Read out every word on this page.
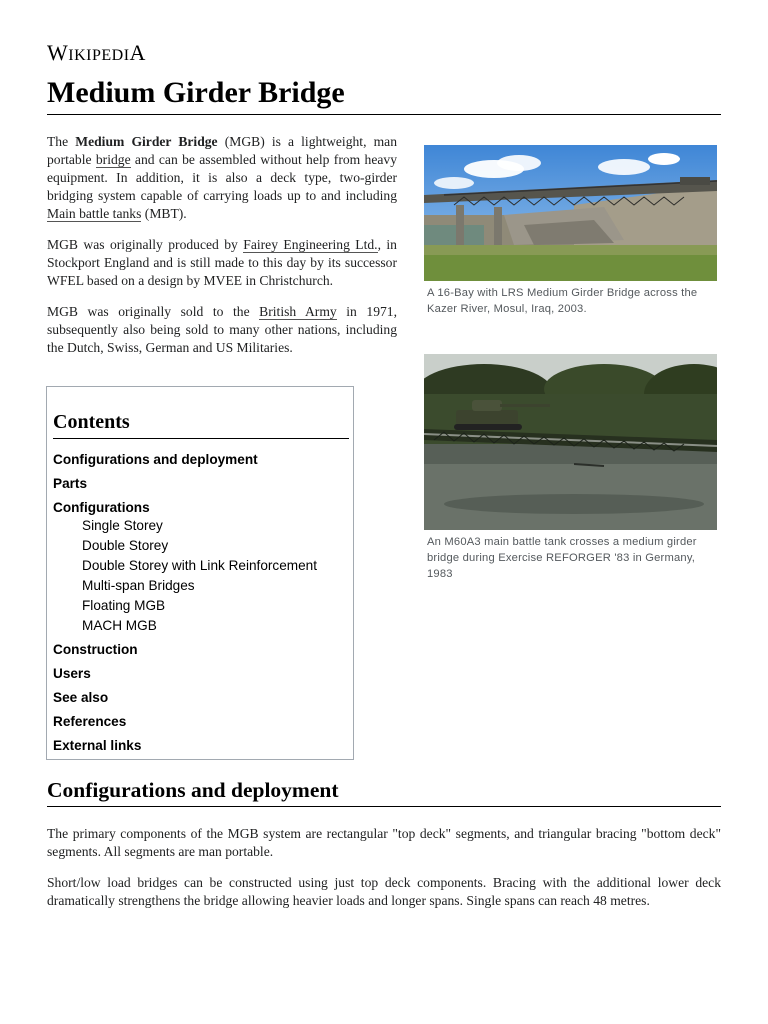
WIKIPEDIA
Medium Girder Bridge

The Medium Girder Bridge (MGB) is a lightweight, man portable bridge and can be assembled without help from heavy equipment. In addition, it is also a deck type, two-girder bridging system capable of carrying loads up to and including Main battle tanks (MBT).

MGB was originally produced by Fairey Engineering Ltd., in Stockport England and is still made to this day by its successor WFEL based on a design by MVEE in Christchurch.

MGB was originally sold to the British Army in 1971, subsequently also being sold to many other nations, including the Dutch, Swiss, German and US Militaries.

A 16-Bay with LRS Medium Girder Bridge across the Kazer River, Mosul, Iraq, 2003.
An M60A3 main battle tank crosses a medium girder bridge during Exercise REFORGER '83 in Germany, 1983
Contents
Configurations and deployment
Parts
Configurations
Single Storey
Double Storey
Double Storey with Link Reinforcement
Multi-span Bridges
Floating MGB
MACH MGB
Construction
Users
See also
References
External links
Configurations and deployment

The primary components of the MGB system are rectangular "top deck" segments, and triangular bracing "bottom deck" segments. All segments are man portable.

Short/low load bridges can be constructed using just top deck components. Bracing with the additional lower deck dramatically strengthens the bridge allowing heavier loads and longer spans. Single spans can reach 48 metres.
